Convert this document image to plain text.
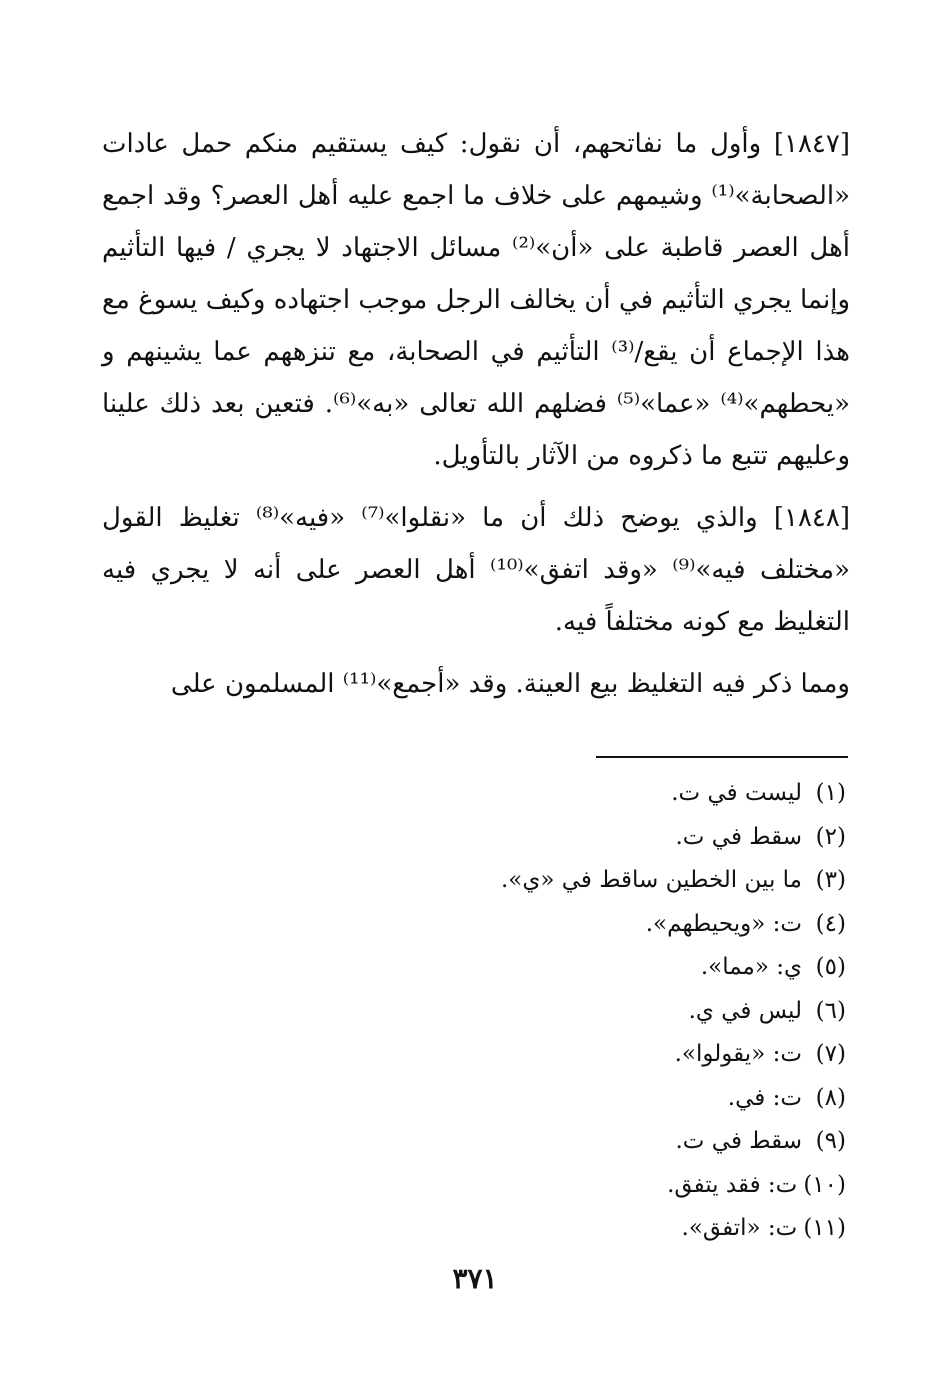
[١٨٤٧] وأول ما نفاتحهم، أن نقول: كيف يستقيم منكم حمل عادات «الصحابة»⁽¹⁾ وشيمهم على خلاف ما اجمع عليه أهل العصر؟ وقد اجمع أهل العصر قاطبة على «أن»⁽²⁾ مسائل الاجتهاد لا يجري / فيها التأثيم وإنما يجري التأثيم في أن يخالف الرجل موجب اجتهاده وكيف يسوغ مع هذا الإجماع أن يقع/⁽³⁾ التأثيم في الصحابة، مع تنزههم عما يشينهم و «يحطهم»⁽⁴⁾ «عما»⁽⁵⁾ فضلهم الله تعالى «به»⁽⁶⁾. فتعين بعد ذلك علينا وعليهم تتبع ما ذكروه من الآثار بالتأويل.

[١٨٤٨] والذي يوضح ذلك أن ما «نقلوا»⁽⁷⁾ «فيه»⁽⁸⁾ تغليظ القول «مختلف فيه»⁽⁹⁾ «وقد اتفق»⁽¹⁰⁾ أهل العصر على أنه لا يجري فيه التغليظ مع كونه مختلفاً فيه.

ومما ذكر فيه التغليظ بيع العينة. وقد «أجمع»⁽¹¹⁾ المسلمون على

(١)ليست في ت.
(٢)سقط في ت.
(٣)ما بين الخطين ساقط في «ي».
(٤)ت: «ويحيطهم».
(٥)ي: «مما».
(٦)ليس في ي.
(٧)ت: «يقولوا».
(٨)ت: في.
(٩)سقط في ت.
(١٠)ت: فقد يتفق.
(١١)ت: «اتفق».
٣٧١
